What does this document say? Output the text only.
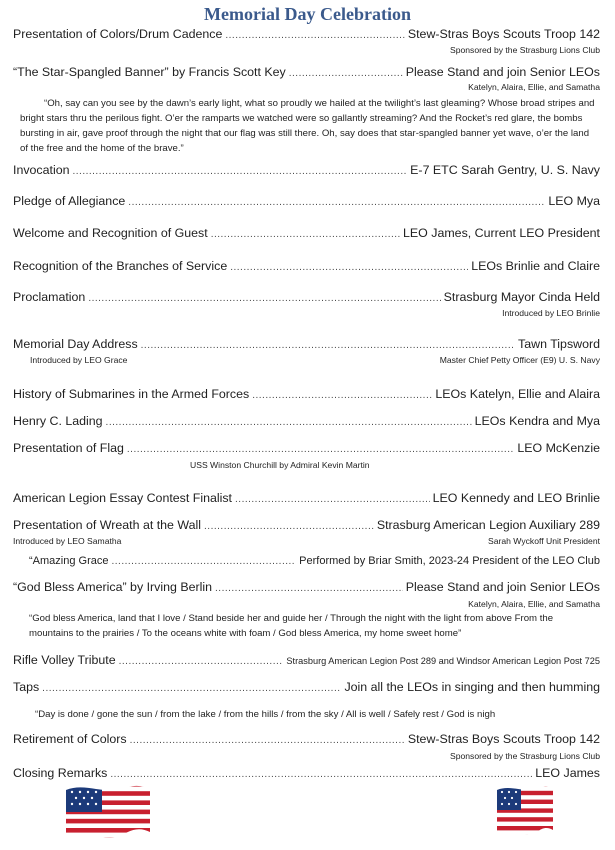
Memorial Day Celebration
Presentation of Colors/Drum Cadence .....	Stew-Stras Boys Scouts Troop 142
Sponsored by the Strasburg Lions Club
“The Star-Spangled Banner” by Francis Scott Key .....	Please Stand and join Senior LEOs
Katelyn, Alaira, Ellie, and Samatha
“Oh, say can you see by the dawn’s early light, what so proudly we hailed at the twilight’s last gleaming? Whose broad stripes and bright stars thru the perilous fight. O’er the ramparts we watched were so gallantly streaming? And the Rocket’s red glare, the bombs bursting in air, gave proof through the night that our flag was still there. Oh, say does that star-spangled banner yet wave, o’er the land of the free and the home of the brave.”
Invocation .....	E-7 ETC Sarah Gentry, U. S. Navy
Pledge of Allegiance .....	LEO Mya
Welcome and Recognition of Guest .....	LEO James, Current LEO President
Recognition of the Branches of Service .....	LEOs Brinlie and Claire
Proclamation .....	Strasburg Mayor Cinda Held
Introduced by LEO Brinlie
Memorial Day Address .....	Tawn Tipsword
Introduced by LEO Grace	Master Chief Petty Officer (E9) U. S. Navy
History of Submarines in the Armed Forces .....	LEOs Katelyn, Ellie and Alaira
Henry C. Lading .....	LEOs Kendra and Mya
Presentation of Flag .....	LEO McKenzie
USS Winston Churchill by Admiral Kevin Martin
American Legion Essay Contest Finalist .....	LEO Kennedy and LEO Brinlie
Presentation of Wreath at the Wall .....	Strasburg American Legion Auxiliary 289
Introduced by LEO Samatha	Sarah Wyckoff Unit President
“Amazing Grace .....	Performed by Briar Smith, 2023-24 President of the LEO Club
“God Bless America” by Irving Berlin .....	Please Stand and join Senior LEOs
Katelyn, Alaira, Ellie, and Samatha
“God bless America, land that I love / Stand beside her and guide her / Through the night with the light from above From the mountains to the prairies / To the oceans white with foam / God bless America, my home sweet home”
Rifle Volley Tribute .....	Strasburg American Legion Post 289 and Windsor American Legion Post 725
Taps .....	Join all the LEOs in singing and then humming
“Day is done / gone the sun / from the lake / from the hills / from the sky / All is well / Safely rest / God is nigh
Retirement of Colors .....	Stew-Stras Boys Scouts Troop 142
Sponsored by the Strasburg Lions Club
Closing Remarks .....	LEO James
